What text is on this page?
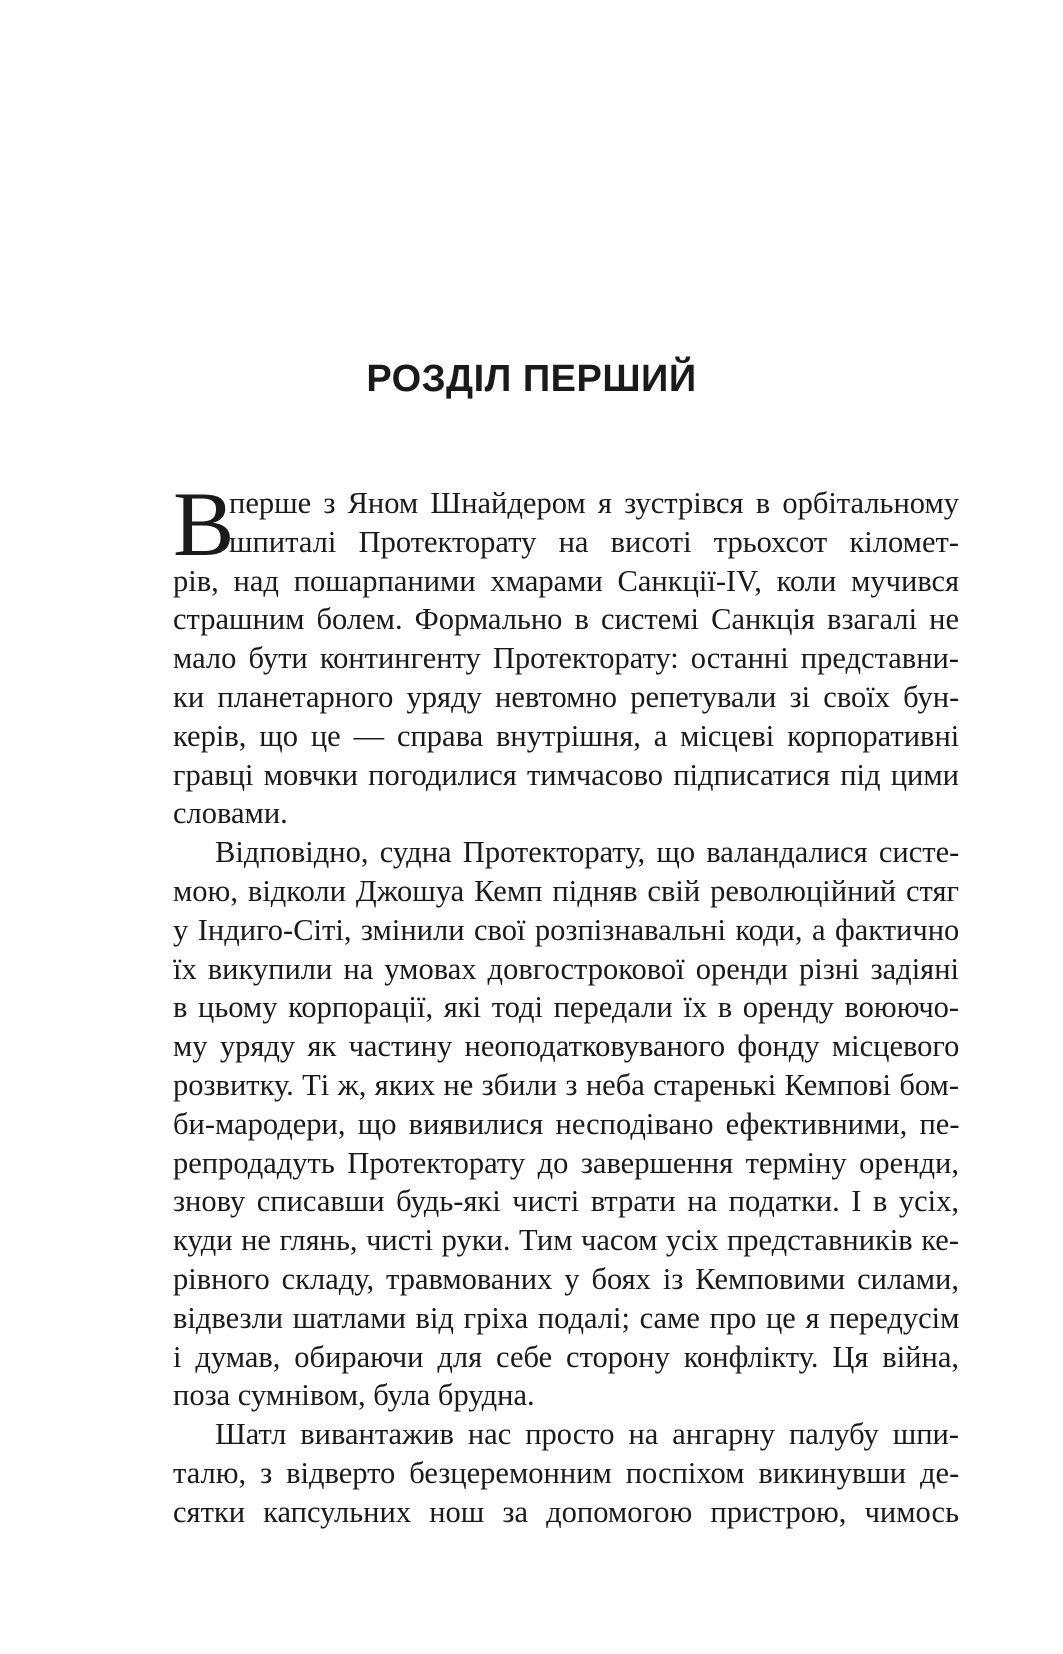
РОЗДІЛ ПЕРШИЙ
В
перше з Яном Шнайдером я зустрівся в орбітальному
шпиталі Протекторату на висоті трьохсот кіломет-
рів, над пошарпаними хмарами Санкції-IV, коли мучився
страшним болем. Формально в системі Санкція взагалі не
мало бути контингенту Протекторату: останні представни-
ки планетарного уряду невтомно репетували зі своїх бун-
керів, що це — справа внутрішня, а місцеві корпоративні
гравці мовчки погодилися тимчасово підписатися під цими
словами.
Відповідно, судна Протекторату, що валандалися систе-
мою, відколи Джошуа Кемп підняв свій революційний стяг
у Індиго-Сіті, змінили свої розпізнавальні коди, а фактично
їх викупили на умовах довгострокової оренди різні задіяні
в цьому корпорації, які тоді передали їх в оренду воюючо-
му уряду як частину неоподатковуваного фонду місцевого
розвитку. Ті ж, яких не збили з неба старенькі Кемпові бом-
би-мародери, що виявилися несподівано ефективними, пе-
репродадуть Протекторату до завершення терміну оренди,
знову списавши будь-які чисті втрати на податки. І в усіх,
куди не глянь, чисті руки. Тим часом усіх представників ке-
рівного складу, травмованих у боях із Кемповими силами,
відвезли шатлами від гріха подалі; саме про це я передусім
і думав, обираючи для себе сторону конфлікту. Ця війна,
поза сумнівом, була брудна.
Шатл вивантажив нас просто на ангарну палубу шпи-
талю, з відверто безцеремонним поспіхом викинувши де-
сятки капсульних нош за допомогою пристрою, чимось
